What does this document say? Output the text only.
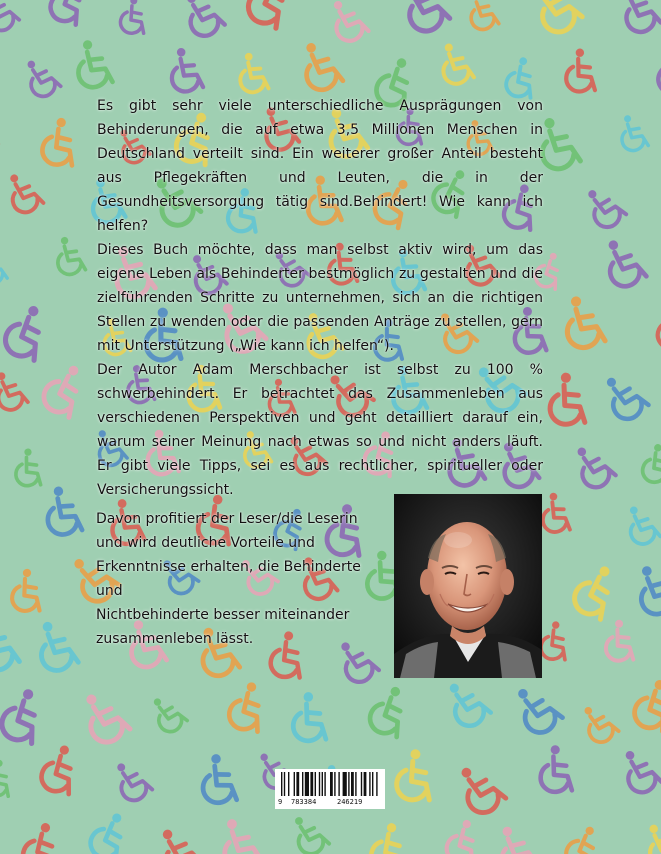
Es gibt sehr viele unterschiedliche Ausprägungen von Behinderungen, die auf etwa 3,5 Millionen Menschen in Deutschland verteilt sind. Ein weiterer großer Anteil besteht aus Pflegekräften und Leuten, die in der Gesundheitsversorgung tätig sind.Behindert! Wie kann ich helfen?

Dieses Buch möchte, dass man selbst aktiv wird, um das eigene Leben als Behinderter bestmöglich zu gestalten und die zielführenden Schritte zu unternehmen, sich an die richtigen Stellen zu wenden oder die passenden Anträge zu stellen, gern mit Unterstützung („Wie kann ich helfen“).

Der Autor Adam Merschbacher ist selbst zu 100 % schwerbehindert. Er betrachtet das Zusammenleben aus verschiedenen Perspektiven und geht detailliert darauf ein, warum seiner Meinung nach etwas so und nicht anders läuft. Er gibt viele Tipps, sei es aus rechtlicher, spiritueller oder Versicherungssicht.

Davon profitiert der Leser/die Leserin
und wird deutliche Vorteile und
Erkenntnisse erhalten, die Behinderte und
Nichtbehinderte besser miteinander
zusammenleben lässt.
9 783384	246219
